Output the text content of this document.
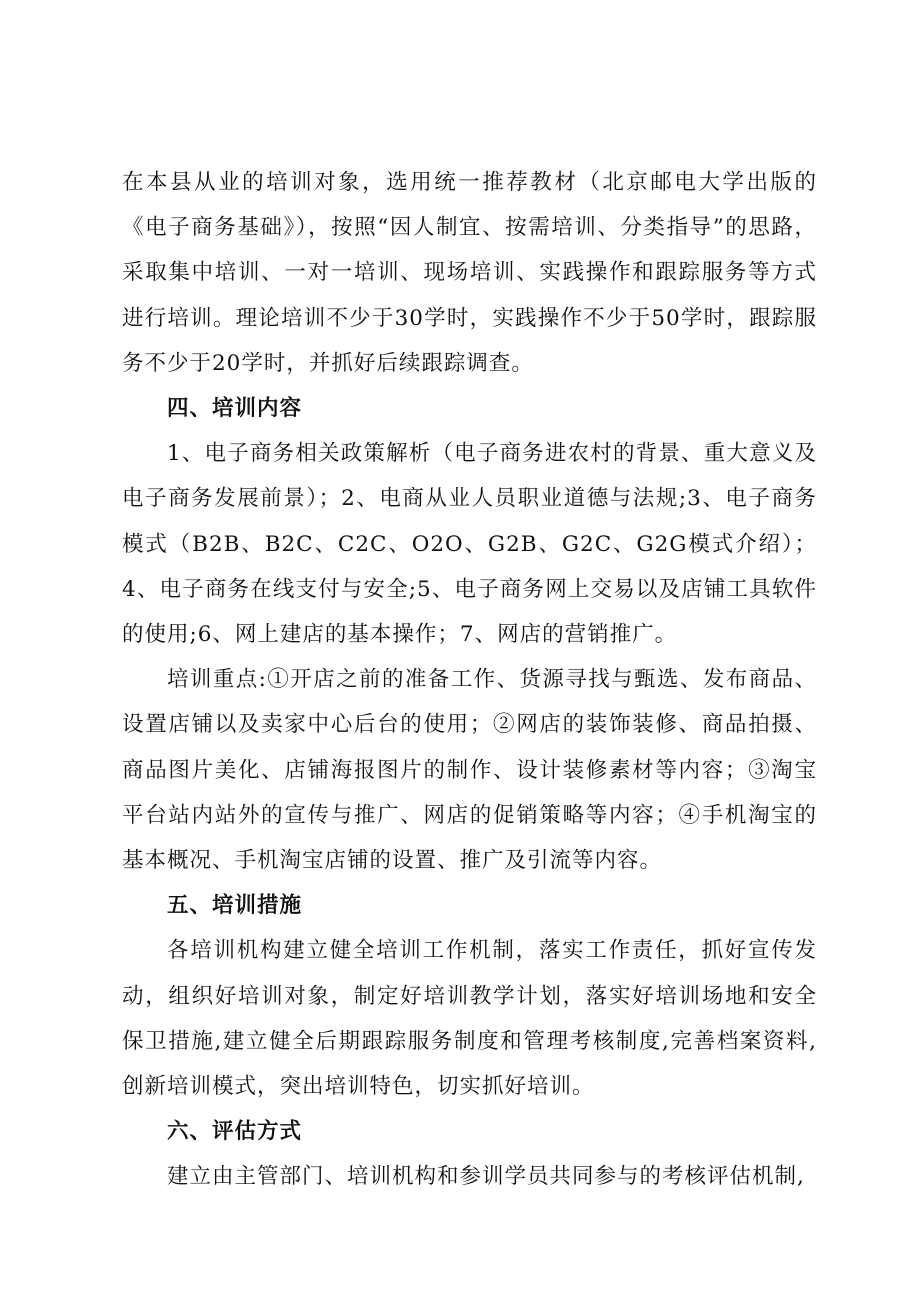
在本县从业的培训对象，选用统一推荐教材（北京邮电大学出版的《电子商务基础》），按照“因人制宜、按需培训、分类指导”的思路，采取集中培训、一对一培训、现场培训、实践操作和跟踪服务等方式进行培训。理论培训不少于30学时，实践操作不少于50学时，跟踪服务不少于20学时，并抓好后续跟踪调查。

四、培训内容

1、电子商务相关政策解析（电子商务进农村的背景、重大意义及电子商务发展前景）；2、电商从业人员职业道德与法规;3、电子商务模式（B2B、B2C、C2C、O2O、G2B、G2C、G2G模式介绍）；4、电子商务在线支付与安全;5、电子商务网上交易以及店铺工具软件的使用;6、网上建店的基本操作；7、网店的营销推广。

培训重点:①开店之前的准备工作、货源寻找与甄选、发布商品、设置店铺以及卖家中心后台的使用；②网店的装饰装修、商品拍摄、商品图片美化、店铺海报图片的制作、设计装修素材等内容；③淘宝平台站内站外的宣传与推广、网店的促销策略等内容；④手机淘宝的基本概况、手机淘宝店铺的设置、推广及引流等内容。

五、培训措施

各培训机构建立健全培训工作机制，落实工作责任，抓好宣传发动，组织好培训对象，制定好培训教学计划，落实好培训场地和安全保卫措施,建立健全后期跟踪服务制度和管理考核制度,完善档案资料,创新培训模式，突出培训特色，切实抓好培训。

六、评估方式

建立由主管部门、培训机构和参训学员共同参与的考核评估机制,
